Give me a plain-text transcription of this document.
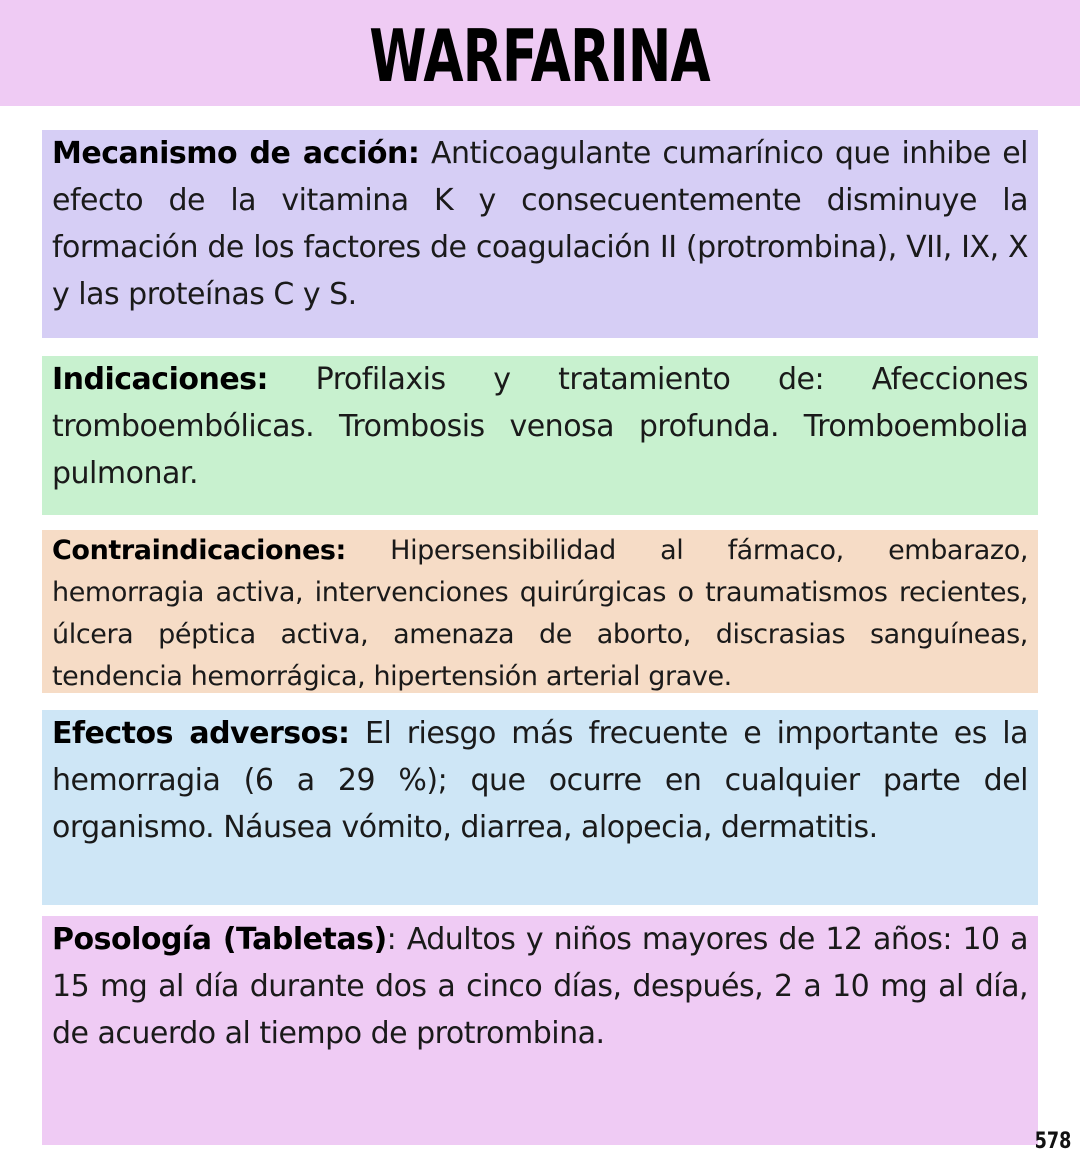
WARFARINA

Mecanismo de acción: Anticoagulante cumarínico que inhibe el efecto de la vitamina K y consecuentemente disminuye la formación de los factores de coagulación II (protrombina), VII, IX, X y las proteínas C y S.

Indicaciones: Profilaxis y tratamiento de: Afecciones tromboembólicas. Trombosis venosa profunda. Tromboembolia pulmonar.

Contraindicaciones: Hipersensibilidad al fármaco, embarazo, hemorragia activa, intervenciones quirúrgicas o traumatismos recientes, úlcera péptica activa, amenaza de aborto, discrasias sanguíneas, tendencia hemorrágica, hipertensión arterial grave.

Efectos adversos: El riesgo más frecuente e importante es la hemorragia (6 a 29 %); que ocurre en cualquier parte del organismo. Náusea vómito, diarrea, alopecia, dermatitis.

Posología (Tabletas): Adultos y niños mayores de 12 años: 10 a 15 mg al día durante dos a cinco días, después, 2 a 10 mg al día, de acuerdo al tiempo de protrombina.

578
